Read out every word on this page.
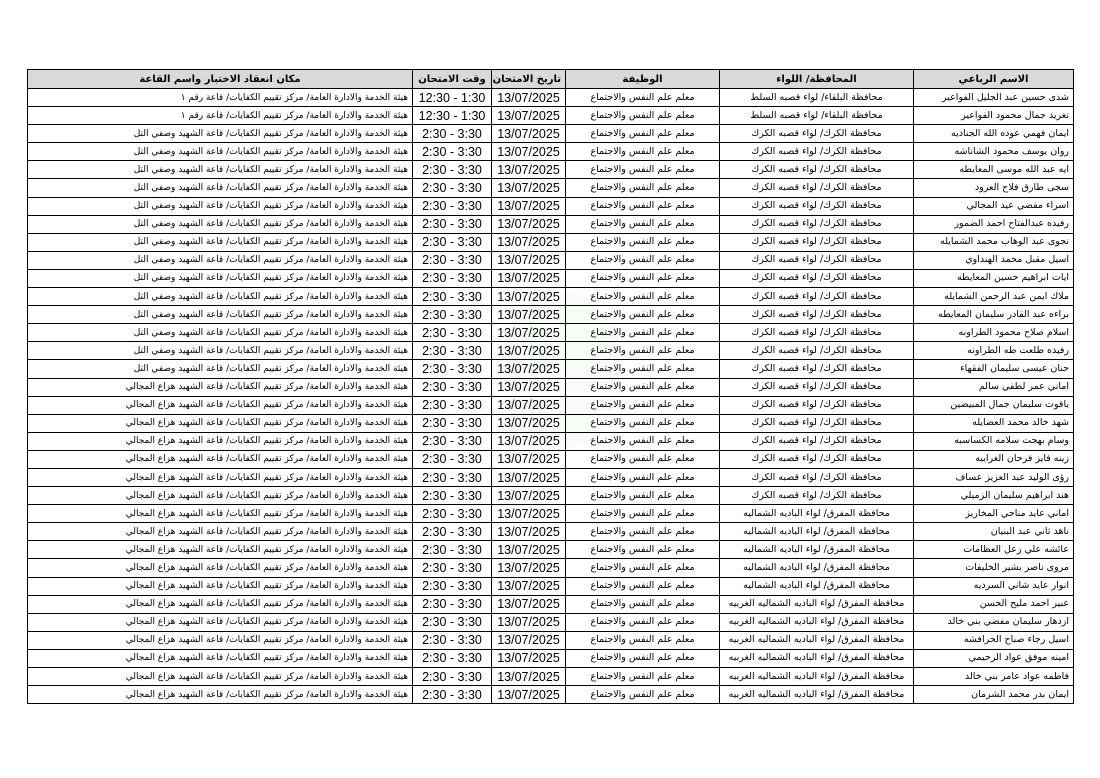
الاسم الرباعي	المحافظة/ اللواء	الوظيفة	تاريخ الامتحان	وقت الامتحان	مكان انعقاد الاختبار واسم القاعة
شذى حسين عبد الجليل الفواعير	محافظة البلقاء/ لواء قصبه السلط	معلم علم النفس والاجتماع	13/07/2025	12:30 - 1:30	هيئة الخدمة والادارة العامة/ مركز تقييم الكفايات/ قاعة رقم ١
تغريد جمال محمود الفواعير	محافظة البلقاء/ لواء قصبه السلط	معلم علم النفس والاجتماع	13/07/2025	12:30 - 1:30	هيئة الخدمة والادارة العامة/ مركز تقييم الكفايات/ قاعة رقم ١
ايمان فهمي عوده الله الجناديه	محافظة الكرك/ لواء قصبه الكرك	معلم علم النفس والاجتماع	13/07/2025	2:30 - 3:30	هيئة الخدمة والادارة العامة/ مركز تقييم الكفايات/ قاعة الشهيد وصفي التل
روان يوسف محمود الشاناشه	محافظة الكرك/ لواء قصبه الكرك	معلم علم النفس والاجتماع	13/07/2025	2:30 - 3:30	هيئة الخدمة والادارة العامة/ مركز تقييم الكفايات/ قاعة الشهيد وصفي التل
ايه عبد الله موسى المعايطه	محافظة الكرك/ لواء قصبه الكرك	معلم علم النفس والاجتماع	13/07/2025	2:30 - 3:30	هيئة الخدمة والادارة العامة/ مركز تقييم الكفايات/ قاعة الشهيد وصفي التل
سجى طارق فلاح العرود	محافظة الكرك/ لواء قصبه الكرك	معلم علم النفس والاجتماع	13/07/2025	2:30 - 3:30	هيئة الخدمة والادارة العامة/ مركز تقييم الكفايات/ قاعة الشهيد وصفي التل
اسراء مفضي عيد المجالي	محافظة الكرك/ لواء قصبه الكرك	معلم علم النفس والاجتماع	13/07/2025	2:30 - 3:30	هيئة الخدمة والادارة العامة/ مركز تقييم الكفايات/ قاعة الشهيد وصفي التل
رفيده عبدالفتاح احمد الضمور	محافظة الكرك/ لواء قصبه الكرك	معلم علم النفس والاجتماع	13/07/2025	2:30 - 3:30	هيئة الخدمة والادارة العامة/ مركز تقييم الكفايات/ قاعة الشهيد وصفي التل
نجوى عبد الوهاب محمد الشمايله	محافظة الكرك/ لواء قصبه الكرك	معلم علم النفس والاجتماع	13/07/2025	2:30 - 3:30	هيئة الخدمة والادارة العامة/ مركز تقييم الكفايات/ قاعة الشهيد وصفي التل
اسيل مقبل محمد الهنداوي	محافظة الكرك/ لواء قصبه الكرك	معلم علم النفس والاجتماع	13/07/2025	2:30 - 3:30	هيئة الخدمة والادارة العامة/ مركز تقييم الكفايات/ قاعة الشهيد وصفي التل
ايات ابراهيم حسين المعايطه	محافظة الكرك/ لواء قصبه الكرك	معلم علم النفس والاجتماع	13/07/2025	2:30 - 3:30	هيئة الخدمة والادارة العامة/ مركز تقييم الكفايات/ قاعة الشهيد وصفي التل
ملاك ايمن عبد الرحمن الشمايله	محافظة الكرك/ لواء قصبه الكرك	معلم علم النفس والاجتماع	13/07/2025	2:30 - 3:30	هيئة الخدمة والادارة العامة/ مركز تقييم الكفايات/ قاعة الشهيد وصفي التل
براءه عبد القادر سليمان المعايطه	محافظة الكرك/ لواء قصبه الكرك	معلم علم النفس والاجتماع	13/07/2025	2:30 - 3:30	هيئة الخدمة والادارة العامة/ مركز تقييم الكفايات/ قاعة الشهيد وصفي التل
اسلام صلاح محمود الطراونه	محافظة الكرك/ لواء قصبه الكرك	معلم علم النفس والاجتماع	13/07/2025	2:30 - 3:30	هيئة الخدمة والادارة العامة/ مركز تقييم الكفايات/ قاعة الشهيد وصفي التل
رفيده طلعت طه الطراونه	محافظة الكرك/ لواء قصبه الكرك	معلم علم النفس والاجتماع	13/07/2025	2:30 - 3:30	هيئة الخدمة والادارة العامة/ مركز تقييم الكفايات/ قاعة الشهيد وصفي التل
حنان عيسى سليمان الفقهاء	محافظة الكرك/ لواء قصبه الكرك	معلم علم النفس والاجتماع	13/07/2025	2:30 - 3:30	هيئة الخدمة والادارة العامة/ مركز تقييم الكفايات/ قاعة الشهيد وصفي التل
اماني عمر لطفي سالم	محافظة الكرك/ لواء قصبه الكرك	معلم علم النفس والاجتماع	13/07/2025	2:30 - 3:30	هيئة الخدمة والادارة العامة/ مركز تقييم الكفايات/ قاعة الشهيد هزاع المجالي
ياقوت سليمان جمال المبيضين	محافظة الكرك/ لواء قصبه الكرك	معلم علم النفس والاجتماع	13/07/2025	2:30 - 3:30	هيئة الخدمة والادارة العامة/ مركز تقييم الكفايات/ قاعة الشهيد هزاع المجالي
شهد خالد محمد العضايله	محافظة الكرك/ لواء قصبه الكرك	معلم علم النفس والاجتماع	13/07/2025	2:30 - 3:30	هيئة الخدمة والادارة العامة/ مركز تقييم الكفايات/ قاعة الشهيد هزاع المجالي
وسام بهجت سلامه الكساسبه	محافظة الكرك/ لواء قصبه الكرك	معلم علم النفس والاجتماع	13/07/2025	2:30 - 3:30	هيئة الخدمة والادارة العامة/ مركز تقييم الكفايات/ قاعة الشهيد هزاع المجالي
زينه فايز فرحان الغرايبه	محافظة الكرك/ لواء قصبه الكرك	معلم علم النفس والاجتماع	13/07/2025	2:30 - 3:30	هيئة الخدمة والادارة العامة/ مركز تقييم الكفايات/ قاعة الشهيد هزاع المجالي
رؤى الوليد عبد العزيز عساف	محافظة الكرك/ لواء قصبه الكرك	معلم علم النفس والاجتماع	13/07/2025	2:30 - 3:30	هيئة الخدمة والادارة العامة/ مركز تقييم الكفايات/ قاعة الشهيد هزاع المجالي
هند ابراهيم سليمان الزميلي	محافظة الكرك/ لواء قصبه الكرك	معلم علم النفس والاجتماع	13/07/2025	2:30 - 3:30	هيئة الخدمة والادارة العامة/ مركز تقييم الكفايات/ قاعة الشهيد هزاع المجالي
اماني عايد مناحي المخاريز	محافظة المفرق/ لواء الباديه الشماليه	معلم علم النفس والاجتماع	13/07/2025	2:30 - 3:30	هيئة الخدمة والادارة العامة/ مركز تقييم الكفايات/ قاعة الشهيد هزاع المجالي
ناهد ثاني عبد البنيان	محافظة المفرق/ لواء الباديه الشماليه	معلم علم النفس والاجتماع	13/07/2025	2:30 - 3:30	هيئة الخدمة والادارة العامة/ مركز تقييم الكفايات/ قاعة الشهيد هزاع المجالي
عائشه علي زعل العظامات	محافظة المفرق/ لواء الباديه الشماليه	معلم علم النفس والاجتماع	13/07/2025	2:30 - 3:30	هيئة الخدمة والادارة العامة/ مركز تقييم الكفايات/ قاعة الشهيد هزاع المجالي
مروى ناصر بشير الخليفات	محافظة المفرق/ لواء الباديه الشماليه	معلم علم النفس والاجتماع	13/07/2025	2:30 - 3:30	هيئة الخدمة والادارة العامة/ مركز تقييم الكفايات/ قاعة الشهيد هزاع المجالي
انوار عايد شاني السرديه	محافظة المفرق/ لواء الباديه الشماليه	معلم علم النفس والاجتماع	13/07/2025	2:30 - 3:30	هيئة الخدمة والادارة العامة/ مركز تقييم الكفايات/ قاعة الشهيد هزاع المجالي
عبير احمد مليح الحسن	محافظة المفرق/ لواء الباديه الشماليه الغربيه	معلم علم النفس والاجتماع	13/07/2025	2:30 - 3:30	هيئة الخدمة والادارة العامة/ مركز تقييم الكفايات/ قاعة الشهيد هزاع المجالي
ازدهار سليمان مفضي بني خالد	محافظة المفرق/ لواء الباديه الشماليه الغربيه	معلم علم النفس والاجتماع	13/07/2025	2:30 - 3:30	هيئة الخدمة والادارة العامة/ مركز تقييم الكفايات/ قاعة الشهيد هزاع المجالي
اسيل رجاء صباح الحرافشه	محافظة المفرق/ لواء الباديه الشماليه الغربيه	معلم علم النفس والاجتماع	13/07/2025	2:30 - 3:30	هيئة الخدمة والادارة العامة/ مركز تقييم الكفايات/ قاعة الشهيد هزاع المجالي
امينه موفق عواد الرحيمي	محافظة المفرق/ لواء الباديه الشماليه الغربيه	معلم علم النفس والاجتماع	13/07/2025	2:30 - 3:30	هيئة الخدمة والادارة العامة/ مركز تقييم الكفايات/ قاعة الشهيد هزاع المجالي
فاطمه عواد عامر بني خالد	محافظة المفرق/ لواء الباديه الشماليه الغربيه	معلم علم النفس والاجتماع	13/07/2025	2:30 - 3:30	هيئة الخدمة والادارة العامة/ مركز تقييم الكفايات/ قاعة الشهيد هزاع المجالي
ايمان بدر محمد الشرمان	محافظة المفرق/ لواء الباديه الشماليه الغربيه	معلم علم النفس والاجتماع	13/07/2025	2:30 - 3:30	هيئة الخدمة والادارة العامة/ مركز تقييم الكفايات/ قاعة الشهيد هزاع المجالي
